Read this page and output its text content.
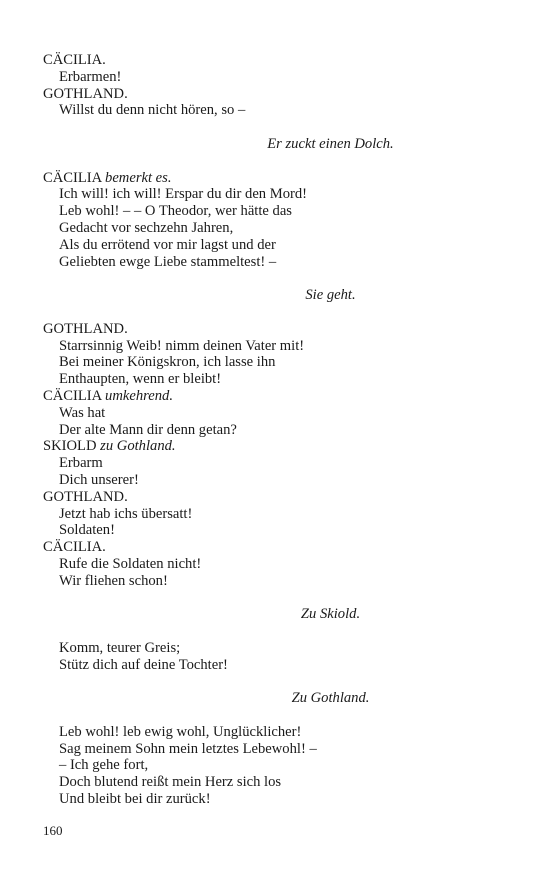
CÄCILIA.
Erbarmen!
GOTHLAND.
Willst du denn nicht hören, so –
Er zuckt einen Dolch.
CÄCILIA bemerkt es.
Ich will! ich will! Erspar du dir den Mord!
Leb wohl! – – O Theodor, wer hätte das
Gedacht vor sechzehn Jahren,
Als du errötend vor mir lagst und der
Geliebten ewge Liebe stammeltest! –
Sie geht.
GOTHLAND.
Starrsinnig Weib! nimm deinen Vater mit!
Bei meiner Königskron, ich lasse ihn
Enthaupten, wenn er bleibt!
CÄCILIA umkehrend.
Was hat
Der alte Mann dir denn getan?
SKIOLD zu Gothland.
Erbarm
Dich unserer!
GOTHLAND.
Jetzt hab ichs übersatt!
Soldaten!
CÄCILIA.
Rufe die Soldaten nicht!
Wir fliehen schon!
Zu Skiold.
Komm, teurer Greis;
Stütz dich auf deine Tochter!
Zu Gothland.
Leb wohl! leb ewig wohl, Unglücklicher!
Sag meinem Sohn mein letztes Lebewohl! –
– Ich gehe fort,
Doch blutend reißt mein Herz sich los
Und bleibt bei dir zurück!
160
